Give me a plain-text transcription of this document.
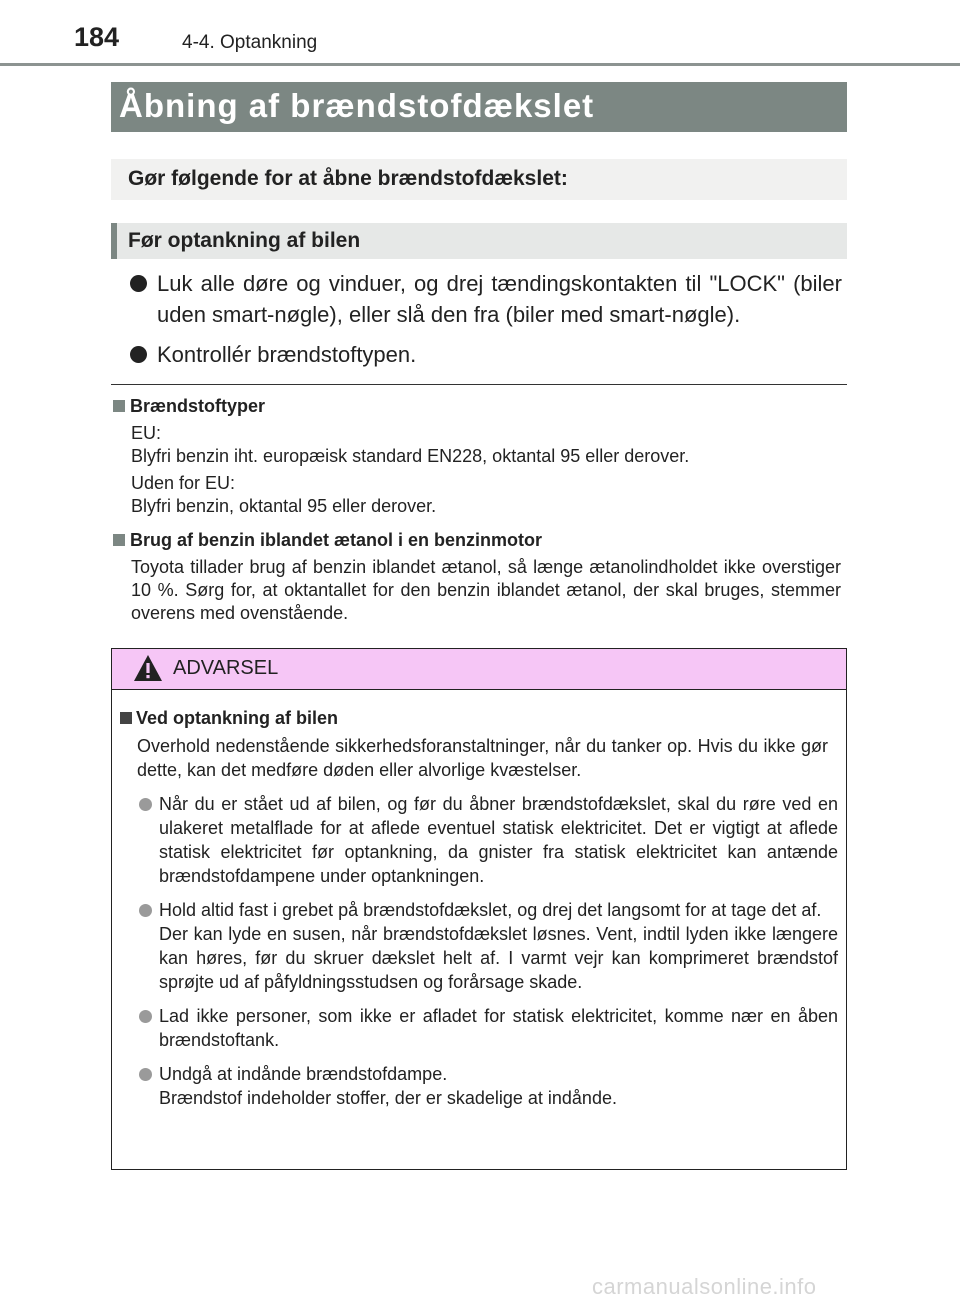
184	4-4. Optankning
Åbning af brændstofdækslet
Gør følgende for at åbne brændstofdækslet:
Før optankning af bilen
Luk alle døre og vinduer, og drej tændingskontakten til "LOCK" (biler uden smart-nøgle), eller slå den fra (biler med smart-nøgle).
Kontrollér brændstoftypen.
Brændstoftyper
EU:
Blyfri benzin iht. europæisk standard EN228, oktantal 95 eller derover.
Uden for EU:
Blyfri benzin, oktantal 95 eller derover.
Brug af benzin iblandet ætanol i en benzinmotor
Toyota tillader brug af benzin iblandet ætanol, så længe ætanolindholdet ikke overstiger 10 %. Sørg for, at oktantallet for den benzin iblandet ætanol, der skal bruges, stemmer overens med ovenstående.
ADVARSEL
Ved optankning af bilen
Overhold nedenstående sikkerhedsforanstaltninger, når du tanker op. Hvis du ikke gør dette, kan det medføre døden eller alvorlige kvæstelser.
Når du er stået ud af bilen, og før du åbner brændstofdækslet, skal du røre ved en ulakeret metalflade for at aflede eventuel statisk elektricitet. Det er vigtigt at aflede statisk elektricitet før optankning, da gnister fra statisk elektricitet kan antænde brændstofdampene under optankningen.
Hold altid fast i grebet på brændstofdækslet, og drej det langsomt for at tage det af.
Der kan lyde en susen, når brændstofdækslet løsnes. Vent, indtil lyden ikke længere kan høres, før du skruer dækslet helt af. I varmt vejr kan komprimeret brændstof sprøjte ud af påfyldningsstudsen og forårsage skade.
Lad ikke personer, som ikke er afladet for statisk elektricitet, komme nær en åben brændstoftank.
Undgå at indånde brændstofdampe.
Brændstof indeholder stoffer, der er skadelige at indånde.
carmanualsonline.info
